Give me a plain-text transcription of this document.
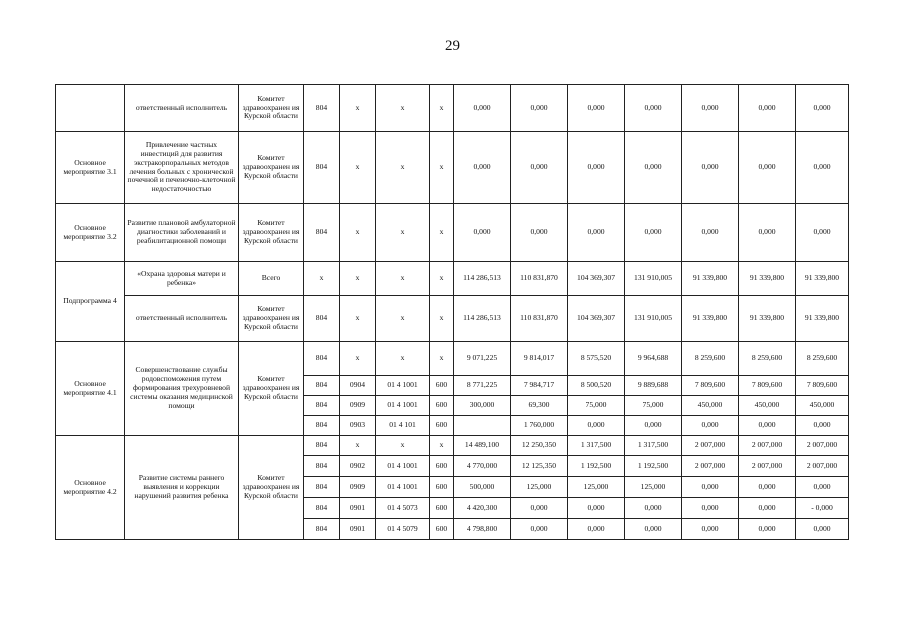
29
	ответственный исполнитель	Комитет здравоохранен ия Курской области	804	х	х	х	0,000	0,000	0,000	0,000	0,000	0,000	0,000
Основное мероприятие 3.1	Привлечение частных инвестиций для развития экстракорпоральных методов лечения больных с хронической почечной и печеночно-клеточной недостаточностью	Комитет здравоохранен ия Курской области	804	х	х	х	0,000	0,000	0,000	0,000	0,000	0,000	0,000
Основное мероприятие 3.2	Развитие плановой амбулаторной диагностики заболеваний и реабилитационной помощи	Комитет здравоохранен ия Курской области	804	х	х	х	0,000	0,000	0,000	0,000	0,000	0,000	0,000
Подпрограмма 4	«Охрана здоровья матери и ребенка»	Всего	х	х	х	х	114 286,513	110 831,870	104 369,307	131 910,005	91 339,800	91 339,800	91 339,800
	ответственный исполнитель	Комитет здравоохранен ия Курской области	804	х	х	х	114 286,513	110 831,870	104 369,307	131 910,005	91 339,800	91 339,800	91 339,800
Основное мероприятие 4.1	Совершенствование службы родовспоможения путем формирования трехуровневой системы оказания медицинской помощи	Комитет здравоохранен ия Курской области	804	х	х	х	9 071,225	9 814,017	8 575,520	9 964,688	8 259,600	8 259,600	8 259,600
			804	0904	01 4 1001	600	8 771,225	7 984,717	8 500,520	9 889,688	7 809,600	7 809,600	7 809,600
			804	0909	01 4 1001	600	300,000	69,300	75,000	75,000	450,000	450,000	450,000
			804	0903	01 4 101	600		1 760,000	0,000	0,000	0,000	0,000	0,000
Основное мероприятие 4.2	Развитие системы раннего выявления и коррекции нарушений развития ребенка	Комитет здравоохранен ия Курской области	804	х	х	х	14 489,100	12 250,350	1 317,500	1 317,500	2 007,000	2 007,000	2 007,000
			804	0902	01 4 1001	600	4 770,000	12 125,350	1 192,500	1 192,500	2 007,000	2 007,000	2 007,000
			804	0909	01 4 1001	600	500,000	125,000	125,000	125,000	0,000	0,000	0,000
			804	0901	01 4 5073	600	4 420,300	0,000	0,000	0,000	0,000	0,000	- 0,000
			804	0901	01 4 5079	600	4 798,800	0,000	0,000	0,000	0,000	0,000	0,000
